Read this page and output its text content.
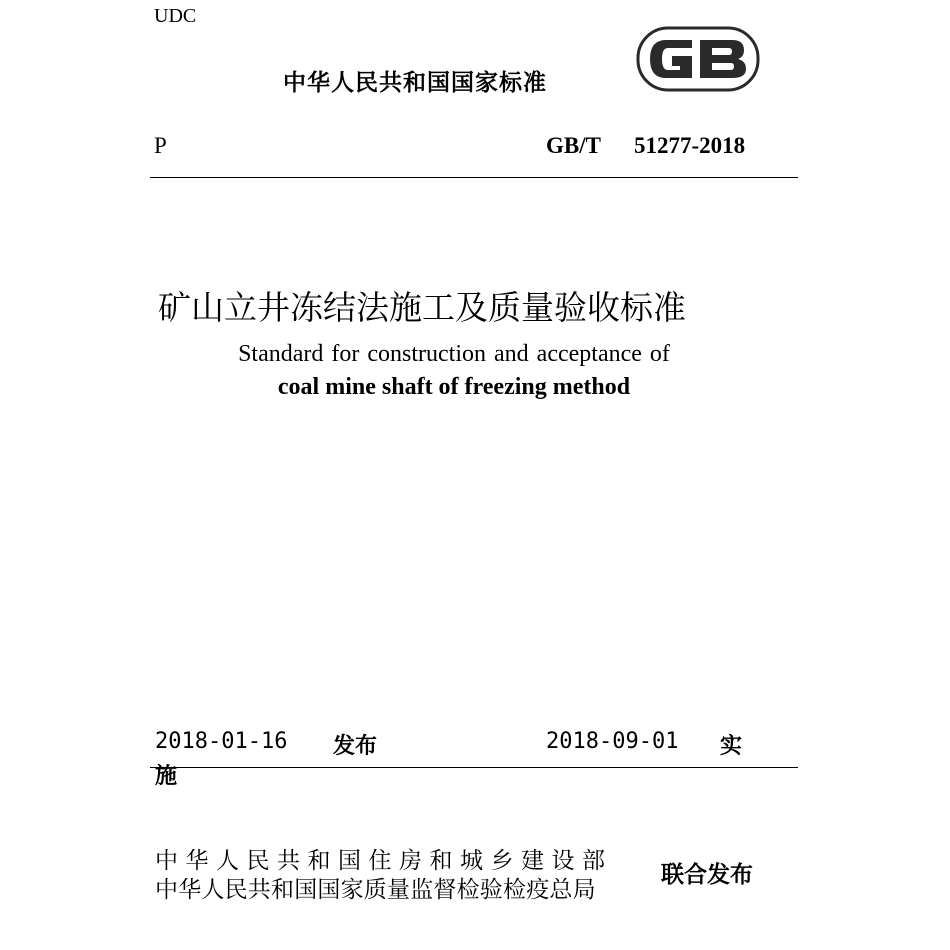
UDC
中华人民共和国国家标准
P	GB/T 51277-2018
矿山立井冻结法施工及质量验收标准
Standard for construction and acceptance of
coal mine shaft of freezing method
2018-01-16 发布	2018-09-01 实
施
中华人民共和国住房和城乡建设部
中华人民共和国国家质量监督检验检疫总局
联合发布
